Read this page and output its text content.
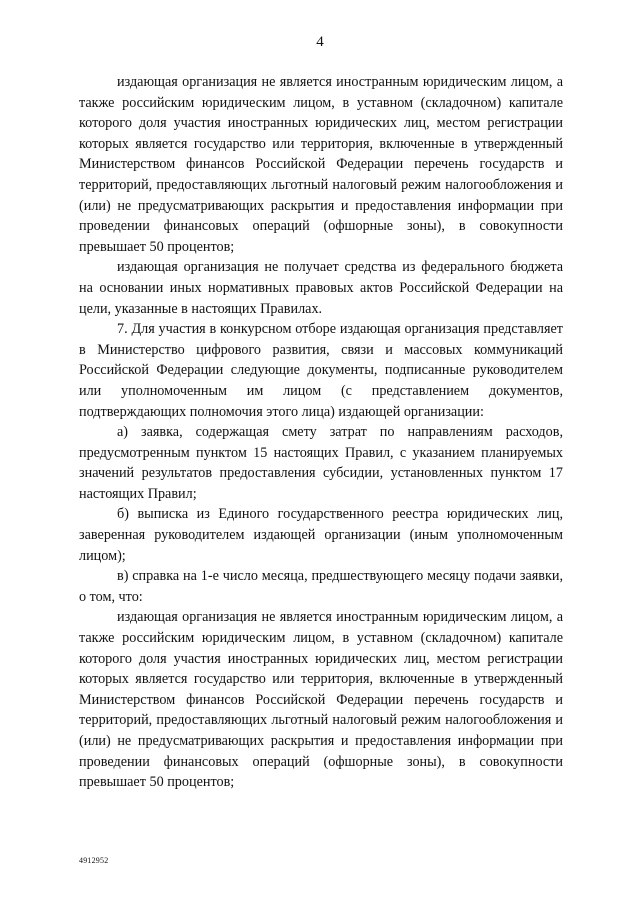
4

издающая организация не является иностранным юридическим лицом, а также российским юридическим лицом, в уставном (складочном) капитале которого доля участия иностранных юридических лиц, местом регистрации которых является государство или территория, включенные в утвержденный Министерством финансов Российской Федерации перечень государств и территорий, предоставляющих льготный налоговый режим налогообложения и (или) не предусматривающих раскрытия и предоставления информации при проведении финансовых операций (офшорные зоны), в совокупности превышает 50 процентов;

издающая организация не получает средства из федерального бюджета на основании иных нормативных правовых актов Российской Федерации на цели, указанные в настоящих Правилах.

7. Для участия в конкурсном отборе издающая организация представляет в Министерство цифрового развития, связи и массовых коммуникаций Российской Федерации следующие документы, подписанные руководителем или уполномоченным им лицом (с представлением документов, подтверждающих полномочия этого лица) издающей организации:

а) заявка, содержащая смету затрат по направлениям расходов, предусмотренным пунктом 15 настоящих Правил, с указанием планируемых значений результатов предоставления субсидии, установленных пунктом 17 настоящих Правил;

б) выписка из Единого государственного реестра юридических лиц, заверенная руководителем издающей организации (иным уполномоченным лицом);

в) справка на 1-е число месяца, предшествующего месяцу подачи заявки, о том, что:

издающая организация не является иностранным юридическим лицом, а также российским юридическим лицом, в уставном (складочном) капитале которого доля участия иностранных юридических лиц, местом регистрации которых является государство или территория, включенные в утвержденный Министерством финансов Российской Федерации перечень государств и территорий, предоставляющих льготный налоговый режим налогообложения и (или) не предусматривающих раскрытия и предоставления информации при проведении финансовых операций (офшорные зоны), в совокупности превышает 50 процентов;

4912952
